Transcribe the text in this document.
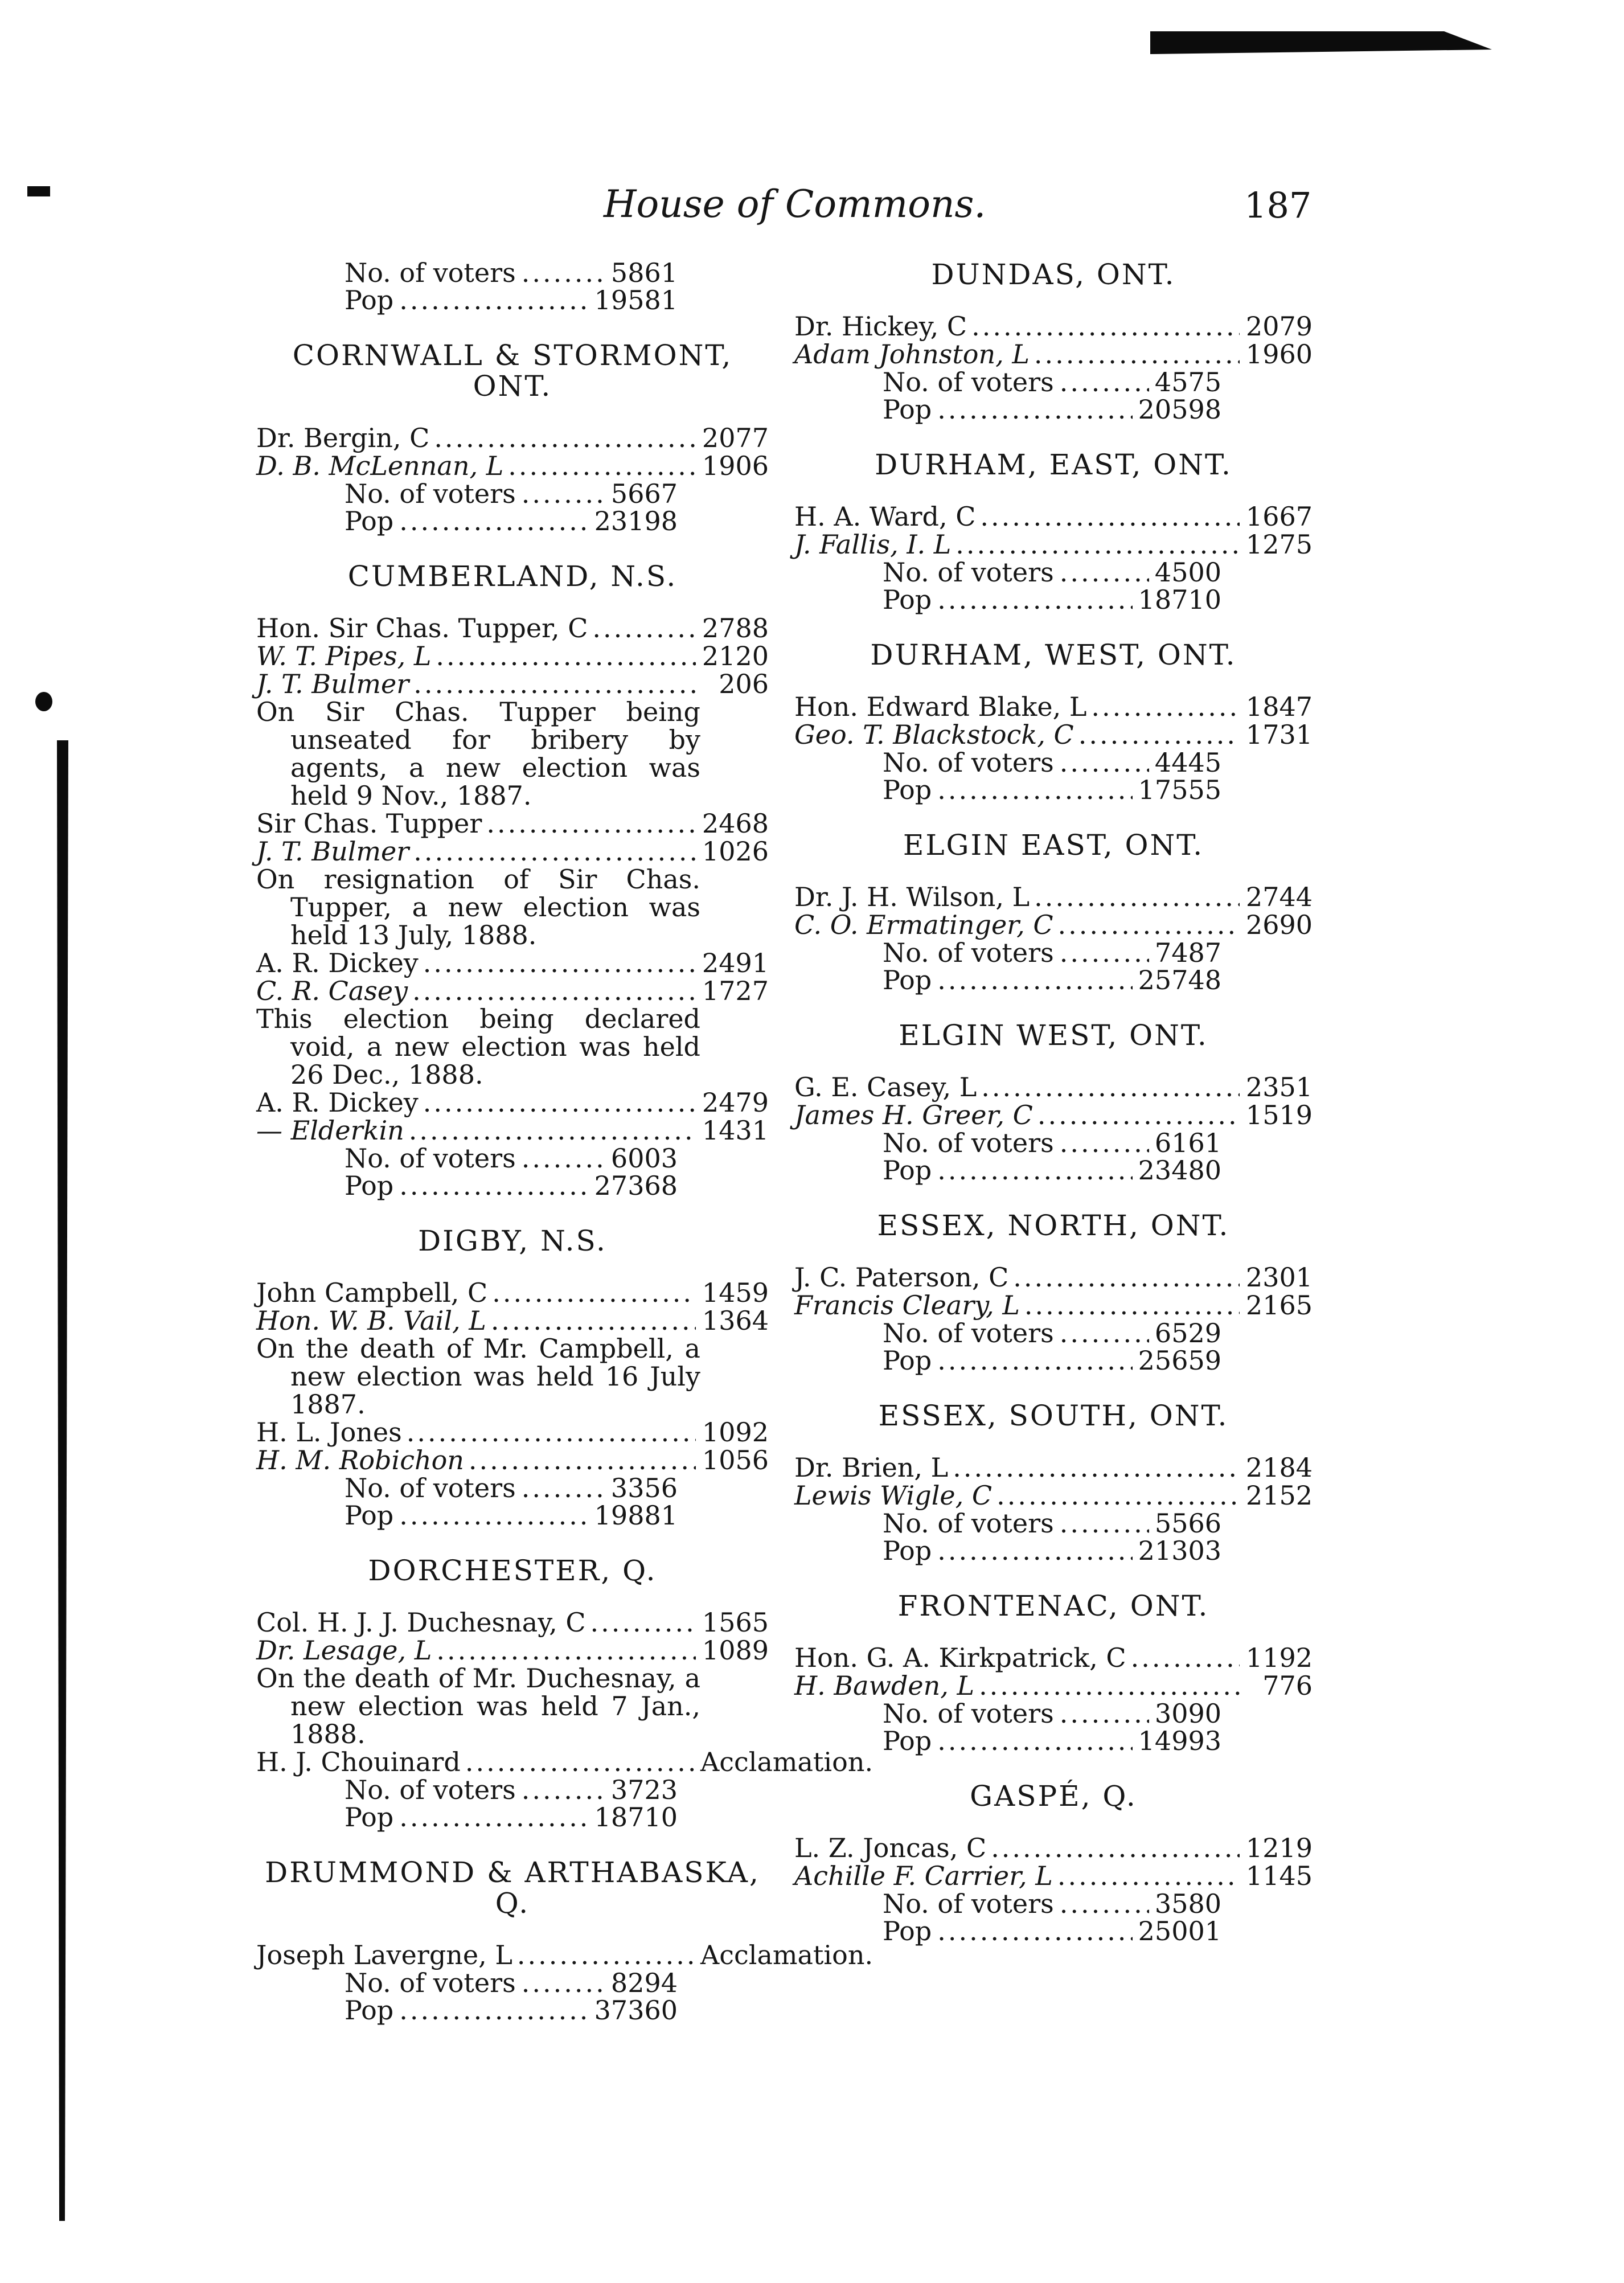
House of Commons.	187
No. of voters .....	5861
Pop .....	19581
CORNWALL & STORMONT, ONT.
Dr. Bergin, C .....	2077
D. B. McLennan, L .....	1906
No. of voters .....	5667
Pop .....	23198
CUMBERLAND, N.S.
Hon. Sir Chas. Tupper, C .....	2788
W. T. Pipes, L .....	2120
J. T. Bulmer .....	206
On Sir Chas. Tupper being unseated for bribery by agents, a new election was held 9 Nov., 1887.
Sir Chas. Tupper .....	2468
J. T. Bulmer .....	1026
On resignation of Sir Chas. Tupper, a new election was held 13 July, 1888.
A. R. Dickey .....	2491
C. R. Casey .....	1727
This election being declared void, a new election was held 26 Dec., 1888.
A. R. Dickey .....	2479
— Elderkin .....	1431
No. of voters .....	6003
Pop .....	27368
DIGBY, N.S.
John Campbell, C .....	1459
Hon. W. B. Vail, L .....	1364
On the death of Mr. Campbell, a new election was held 16 July 1887.
H. L. Jones .....	1092
H. M. Robichon .....	1056
No. of voters .....	3356
Pop .....	19881
DORCHESTER, Q.
Col. H. J. J. Duchesnay, C .....	1565
Dr. Lesage, L .....	1089
On the death of Mr. Duchesnay, a new election was held 7 Jan., 1888.
H. J. Chouinard .....	Acclamation.
No. of voters .....	3723
Pop .....	18710
DRUMMOND & ARTHABASKA, Q.
Joseph Lavergne, L .....	Acclamation.
No. of voters .....	8294
Pop .....	37360
DUNDAS, ONT.
Dr. Hickey, C .....	2079
Adam Johnston, L .....	1960
No. of voters .....	4575
Pop .....	20598
DURHAM, EAST, ONT.
H. A. Ward, C .....	1667
J. Fallis, I. L .....	1275
No. of voters .....	4500
Pop .....	18710
DURHAM, WEST, ONT.
Hon. Edward Blake, L .....	1847
Geo. T. Blackstock, C .....	1731
No. of voters .....	4445
Pop .....	17555
ELGIN EAST, ONT.
Dr. J. H. Wilson, L .....	2744
C. O. Ermatinger, C .....	2690
No. of voters .....	7487
Pop .....	25748
ELGIN WEST, ONT.
G. E. Casey, L .....	2351
James H. Greer, C .....	1519
No. of voters .....	6161
Pop .....	23480
ESSEX, NORTH, ONT.
J. C. Paterson, C .....	2301
Francis Cleary, L .....	2165
No. of voters .....	6529
Pop .....	25659
ESSEX, SOUTH, ONT.
Dr. Brien, L .....	2184
Lewis Wigle, C .....	2152
No. of voters .....	5566
Pop .....	21303
FRONTENAC, ONT.
Hon. G. A. Kirkpatrick, C .....	1192
H. Bawden, L .....	776
No. of voters .....	3090
Pop .....	14993
GASPÉ, Q.
L. Z. Joncas, C .....	1219
Achille F. Carrier, L .....	1145
No. of voters .....	3580
Pop .....	25001
